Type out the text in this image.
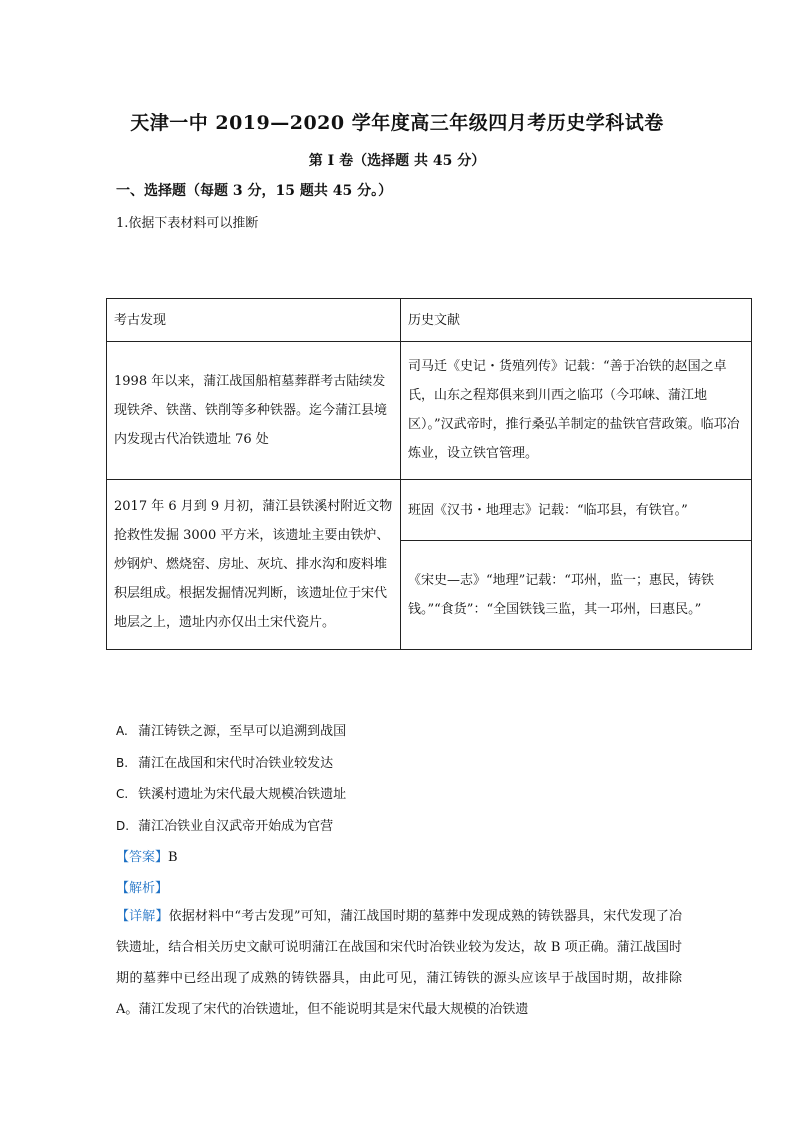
天津一中 2019—2020 学年度高三年级四月考历史学科试卷
第 I 卷（选择题 共 45 分）
一、选择题（每题 3 分，15 题共 45 分。）
1.依据下表材料可以推断
考古发现	历史文献
1998 年以来，蒲江战国船棺墓葬群考古陆续发现铁斧、铁凿、铁削等多种铁器。迄今蒲江县境内发现古代冶铁遗址 76 处	司马迁《史记・货殖列传》记载：“善于冶铁的赵国之卓氏，山东之程郑俱来到川西之临邛（今邛崃、蒲江地区）。”汉武帝时，推行桑弘羊制定的盐铁官营政策。临邛冶炼业，设立铁官管理。
2017 年 6 月到 9 月初，蒲江县铁溪村附近文物抢救性发掘 3000 平方米，该遗址主要由铁炉、炒钢炉、燃烧窑、房址、灰坑、排水沟和废料堆积层组成。根据发掘情况判断，该遗址位于宋代地层之上，遗址内亦仅出土宋代瓷片。	班固《汉书・地理志》记载：“临邛县，有铁官。”
	《宋史—志》“地理”记载：“邛州，监一；惠民，铸铁钱。”“食货”：“全国铁钱三监，其一邛州，曰惠民。”
A. 蒲江铸铁之源，至早可以追溯到战国
B. 蒲江在战国和宋代时冶铁业较发达
C. 铁溪村遗址为宋代最大规模冶铁遗址
D. 蒲江冶铁业自汉武帝开始成为官营
【答案】B
【解析】
【详解】依据材料中“考古发现”可知，蒲江战国时期的墓葬中发现成熟的铸铁器具，宋代发现了冶铁遗址，结合相关历史文献可说明蒲江在战国和宋代时冶铁业较为发达，故 B 项正确。蒲江战国时期的墓葬中已经出现了成熟的铸铁器具，由此可见，蒲江铸铁的源头应该早于战国时期，故排除 A。蒲江发现了宋代的冶铁遗址，但不能说明其是宋代最大规模的冶铁遗
